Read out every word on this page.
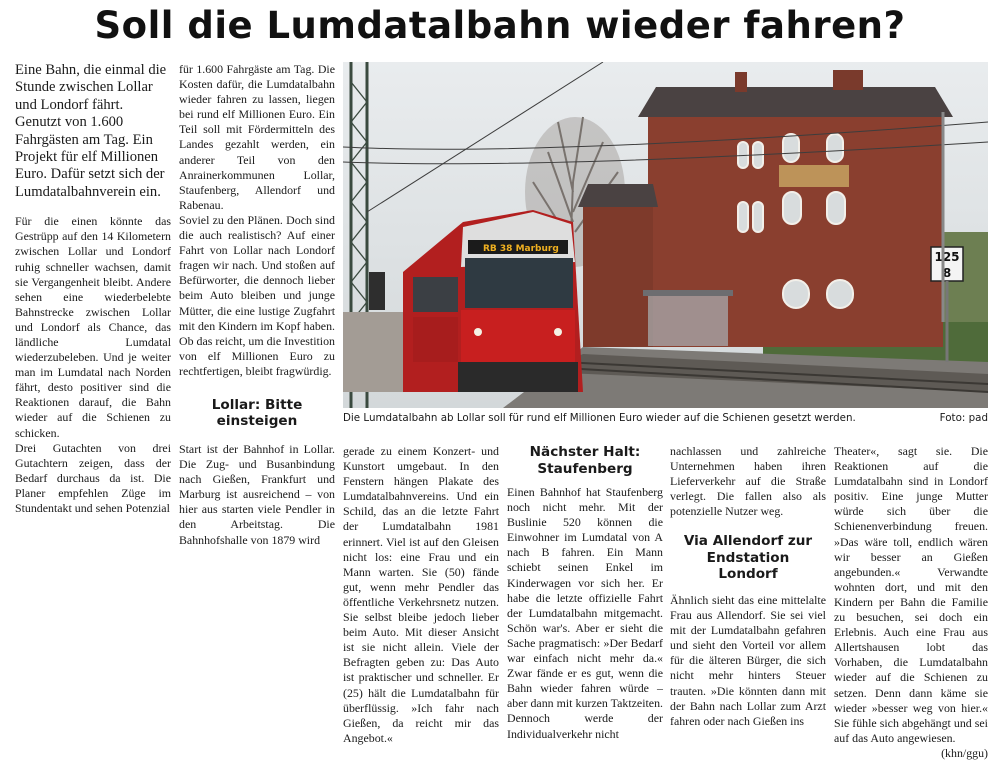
Soll die Lumdatalbahn wieder fahren?

Eine Bahn, die einmal die Stunde zwischen Lollar und Londorf fährt. Genutzt von 1.600 Fahrgästen am Tag. Ein Projekt für elf Millionen Euro. Dafür setzt sich der Lumdatalbahnverein ein.

Für die einen könnte das Gestrüpp auf den 14 Kilometern zwischen Lollar und Londorf ruhig schneller wachsen, damit sie Vergangenheit bleibt. Andere sehen eine wiederbelebte Bahnstrecke zwischen Lollar und Londorf als Chance, das ländliche Lumdatal wiederzubeleben. Und je weiter man im Lumdatal nach Norden fährt, desto positiver sind die Reaktionen darauf, die Bahn wieder auf die Schienen zu schicken.

Drei Gutachten von drei Gutachtern zeigen, dass der Bedarf durchaus da ist. Die Planer empfehlen Züge im Stundentakt und sehen Potenzial

für 1.600 Fahrgäste am Tag. Die Kosten dafür, die Lumdatalbahn wieder fahren zu lassen, liegen bei rund elf Millionen Euro. Ein Teil soll mit Fördermitteln des Landes gezahlt werden, ein anderer Teil von den Anrainerkommunen Lollar, Staufenberg, Allendorf und Rabenau.

Soviel zu den Plänen. Doch sind die auch realistisch? Auf einer Fahrt von Lollar nach Londorf fragen wir nach. Und stoßen auf Befürworter, die dennoch lieber beim Auto bleiben und junge Mütter, die eine lustige Zugfahrt mit den Kindern im Kopf haben. Ob das reicht, um die Investition von elf Millionen Euro zu rechtfertigen, bleibt fragwürdig.

Lollar: Bitte einsteigen

Start ist der Bahnhof in Lollar. Die Zug- und Busanbindung nach Gießen, Frankfurt und Marburg ist ausreichend – von hier aus starten viele Pendler in den Arbeitstag. Die Bahnhofshalle von 1879 wird

RB 38 Marburg
125
8
Die Lumdatalbahn ab Lollar soll für rund elf Millionen Euro wieder auf die Schienen gesetzt werden.	Foto: pad

gerade zu einem Konzert- und Kunstort umgebaut. In den Fenstern hängen Plakate des Lumdatalbahnvereins. Und ein Schild, das an die letzte Fahrt der Lumdatalbahn 1981 erinnert. Viel ist auf den Gleisen nicht los: eine Frau und ein Mann warten. Sie (50) fände gut, wenn mehr Pendler das öffentliche Verkehrsnetz nutzen. Sie selbst bleibe jedoch lieber beim Auto. Mit dieser Ansicht ist sie nicht allein. Viele der Befragten geben zu: Das Auto ist praktischer und schneller. Er (25) hält die Lumdatalbahn für überflüssig. »Ich fahr nach Gießen, da reicht mir das Angebot.«

Nächster Halt: Staufenberg

Einen Bahnhof hat Staufenberg noch nicht mehr. Mit der Buslinie 520 können die Einwohner im Lumdatal von A nach B fahren. Ein Mann schiebt seinen Enkel im Kinderwagen vor sich her. Er habe die letzte offizielle Fahrt der Lumdatalbahn mitgemacht. Schön war's. Aber er sieht die Sache pragmatisch: »Der Bedarf war einfach nicht mehr da.« Zwar fände er es gut, wenn die Bahn wieder fahren würde – aber dann mit kurzen Taktzeiten. Dennoch werde der Individualverkehr nicht

nachlassen und zahlreiche Unternehmen haben ihren Lieferverkehr auf die Straße verlegt. Die fallen also als potenzielle Nutzer weg.

Via Allendorf zur Endstation Londorf

Ähnlich sieht das eine mittelalte Frau aus Allendorf. Sie sei viel mit der Lumdatalbahn gefahren und sieht den Vorteil vor allem für die älteren Bürger, die sich nicht mehr hinters Steuer trauten. »Die könnten dann mit der Bahn nach Lollar zum Arzt fahren oder nach Gießen ins

Theater«, sagt sie. Die Reaktionen auf die Lumdatalbahn sind in Londorf positiv. Eine junge Mutter würde sich über die Schienenverbindung freuen. »Das wäre toll, endlich wären wir besser an Gießen angebunden.« Verwandte wohnten dort, und mit den Kindern per Bahn die Familie zu besuchen, sei doch ein Erlebnis. Auch eine Frau aus Allertshausen lobt das Vorhaben, die Lumdatalbahn wieder auf die Schienen zu setzen. Denn dann käme sie wieder »besser weg von hier.« Sie fühle sich abgehängt und sei auf das Auto angewiesen.

(khn/ggu)
